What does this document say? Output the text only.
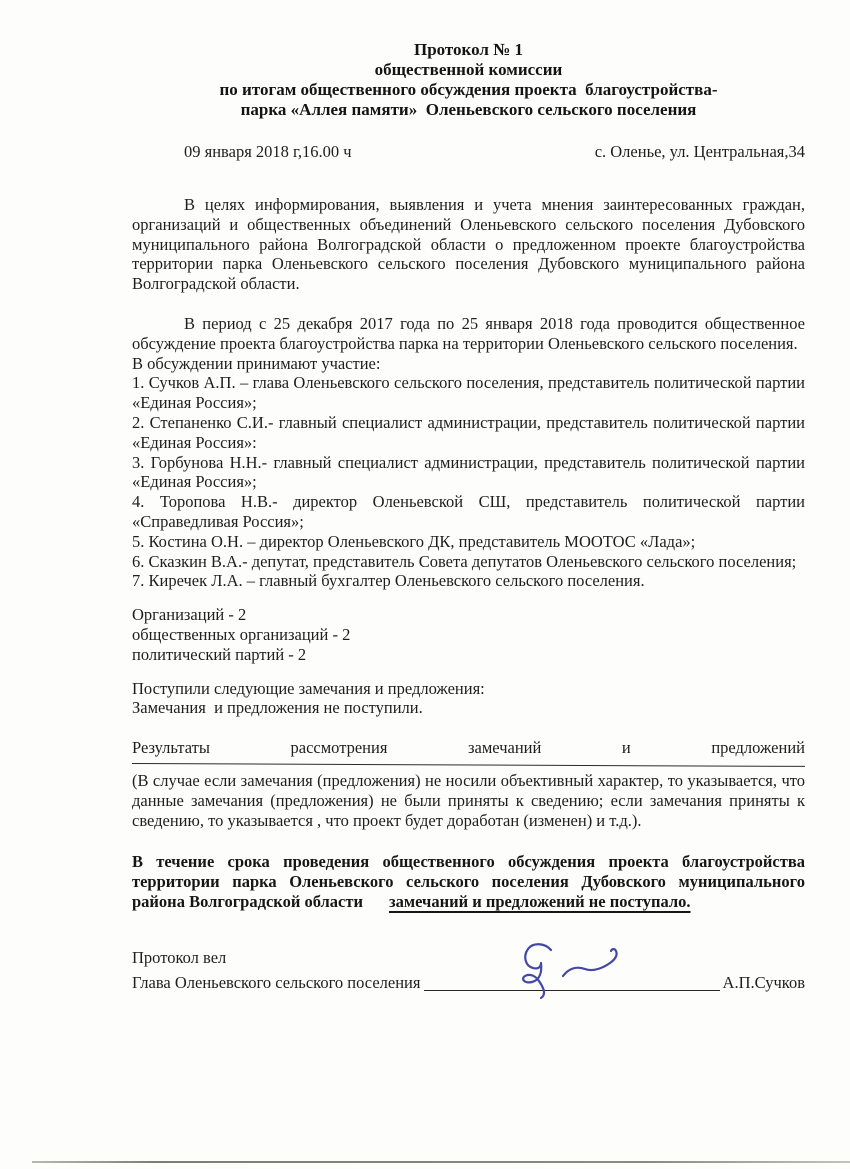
Протокол № 1
общественной комиссии
по итогам общественного обсуждения проекта  благоустройства-
парка «Аллея памяти»  Оленьевского сельского поселения
09 января 2018 г,16.00 ч	с. Оленье, ул. Центральная,34

В целях информирования, выявления и учета мнения заинтересованных граждан, организаций и общественных объединений Оленьевского сельского поселения Дубовского муниципального района Волгоградской области о предложенном проекте благоустройства территории парка Оленьевского сельского поселения Дубовского муниципального района Волгоградской области.

В период с 25 декабря 2017 года по 25 января 2018 года проводится общественное обсуждение проекта благоустройства парка на территории Оленьевского сельского поселения.

В обсуждении принимают участие:

1. Сучков А.П. – глава Оленьевского сельского поселения, представитель политической партии «Единая Россия»;

2. Степаненко С.И.- главный специалист администрации, представитель политической партии «Единая Россия»:

3. Горбунова Н.Н.- главный специалист администрации, представитель политической партии «Единая Россия»;

4. Торопова Н.В.- директор Оленьевской СШ, представитель политической партии «Справедливая Россия»;

5. Костина О.Н. – директор Оленьевского ДК, представитель МООТОС «Лада»;

6. Сказкин В.А.- депутат, представитель Совета депутатов Оленьевского сельского поселения;

7. Киречек Л.А. – главный бухгалтер Оленьевского сельского поселения.

Организаций - 2

общественных организаций - 2

политический партий - 2

Поступили следующие замечания и предложения:

Замечания  и предложения не поступили.

Результаты рассмотрения замечаний и предложений

(В случае если замечания (предложения) не носили объективный характер, то указывается, что данные замечания (предложения) не были приняты к сведению; если замечания приняты к сведению, то указывается , что проект будет доработан (изменен) и т.д.).

В течение срока проведения общественного обсуждения проекта благоустройства территории парка Оленьевского сельского поселения Дубовского муниципального района Волгоградской области замечаний и предложений не поступало.

Протокол вел

Глава Оленьевского сельского поселения	А.П.Сучков
